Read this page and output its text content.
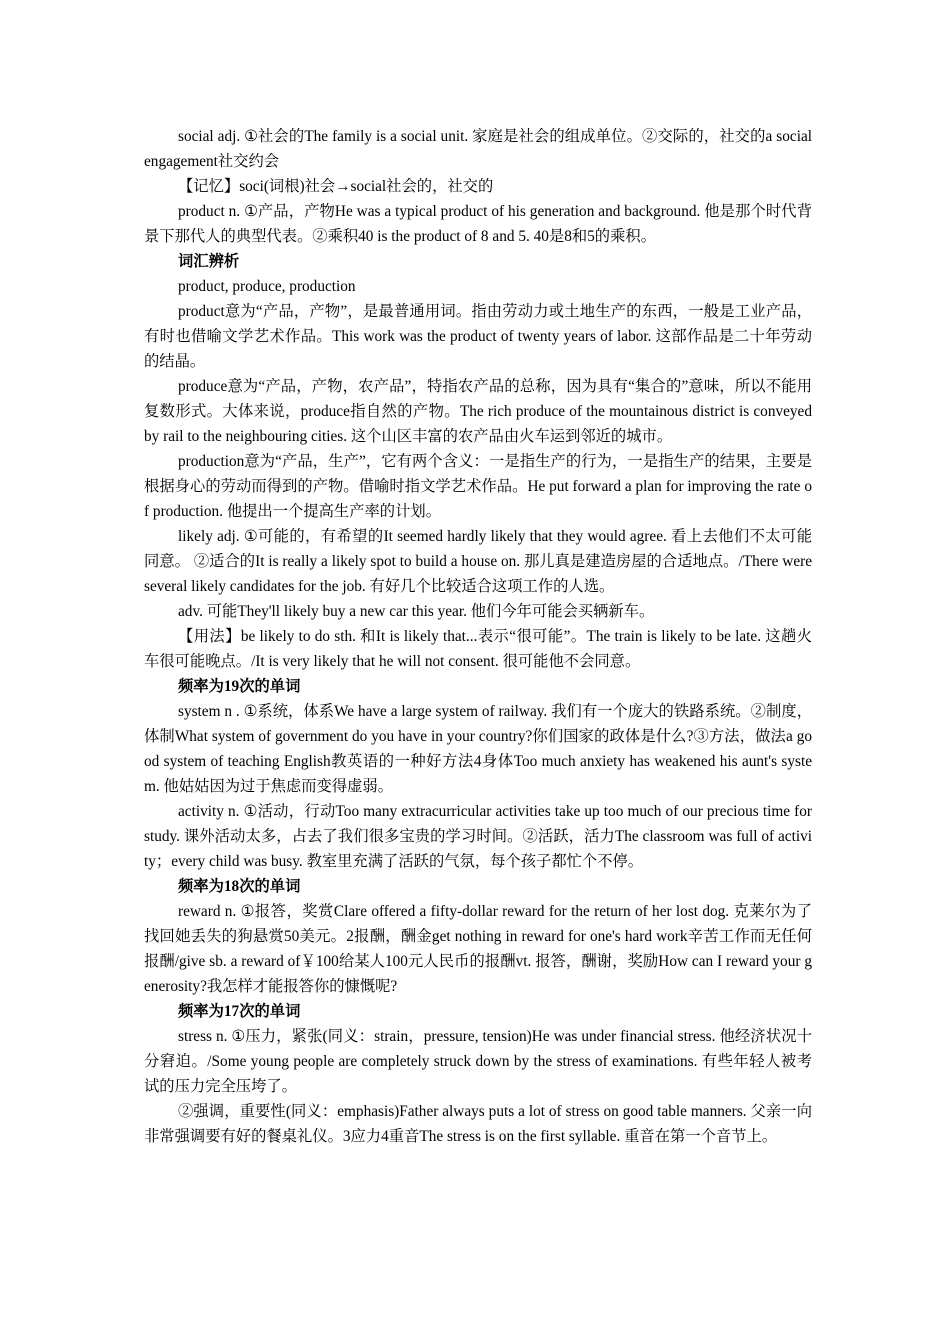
social adj. ①社会的The family is a social unit. 家庭是社会的组成单位。②交际的，社交的a social engagement社交约会

【记忆】soci(词根)社会→social社会的，社交的

product n. ①产品，产物He was a typical product of his generation and background. 他是那个时代背景下那代人的典型代表。②乘积40 is the product of 8 and 5. 40是8和5的乘积。

词汇辨析

product, produce, production

product意为“产品，产物”，是最普通用词。指由劳动力或土地生产的东西，一般是工业产品，有时也借喻文学艺术作品。This work was the product of twenty years of labor. 这部作品是二十年劳动的结晶。

produce意为“产品，产物，农产品”，特指农产品的总称，因为具有“集合的”意味，所以不能用复数形式。大体来说，produce指自然的产物。The rich produce of the mountainous district is conveyed by rail to the neighbouring cities. 这个山区丰富的农产品由火车运到邻近的城市。

production意为“产品，生产”，它有两个含义：一是指生产的行为，一是指生产的结果，主要是根据身心的劳动而得到的产物。借喻时指文学艺术作品。He put forward a plan for improving the rate of production. 他提出一个提高生产率的计划。

likely adj. ①可能的，有希望的It seemed hardly likely that they would agree. 看上去他们不太可能同意。 ②适合的It is really a likely spot to build a house on. 那儿真是建造房屋的合适地点。/There were several likely candidates for the job. 有好几个比较适合这项工作的人选。

adv. 可能They'll likely buy a new car this year. 他们今年可能会买辆新车。

【用法】be likely to do sth. 和It is likely that...表示“很可能”。The train is likely to be late. 这趟火车很可能晚点。/It is very likely that he will not consent. 很可能他不会同意。

频率为19次的单词

system n . ①系统，体系We have a large system of railway. 我们有一个庞大的铁路系统。②制度，体制What system of government do you have in your country?你们国家的政体是什么?③方法，做法a good system of teaching English教英语的一种好方法4身体Too much anxiety has weakened his aunt's system. 他姑姑因为过于焦虑而变得虚弱。

activity n. ①活动，行动Too many extracurricular activities take up too much of our precious time for study. 课外活动太多，占去了我们很多宝贵的学习时间。②活跃，活力The classroom was full of activity；every child was busy. 教室里充满了活跃的气氛，每个孩子都忙个不停。

频率为18次的单词

reward n. ①报答，奖赏Clare offered a fifty-dollar reward for the return of her lost dog. 克莱尔为了找回她丢失的狗悬赏50美元。2报酬，酬金get nothing in reward for one's hard work辛苦工作而无任何报酬/give sb. a reward of￥100给某人100元人民币的报酬vt. 报答，酬谢，奖励How can I reward your generosity?我怎样才能报答你的慷慨呢?

频率为17次的单词

stress n. ①压力，紧张(同义：strain，pressure, tension)He was under financial stress. 他经济状况十分窘迫。/Some young people are completely struck down by the stress of examinations. 有些年轻人被考试的压力完全压垮了。

②强调，重要性(同义：emphasis)Father always puts a lot of stress on good table manners. 父亲一向非常强调要有好的餐桌礼仪。3应力4重音The stress is on the first syllable. 重音在第一个音节上。
